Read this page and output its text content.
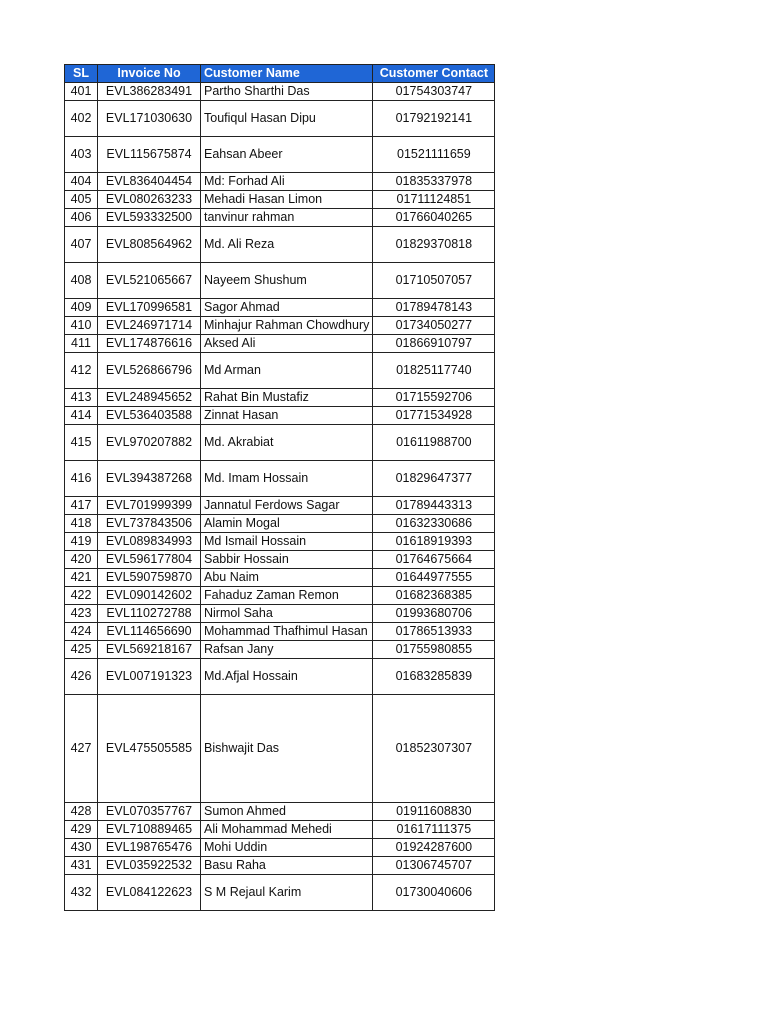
SL	Invoice No	Customer Name	Customer Contact
401	EVL386283491	Partho Sharthi Das	01754303747
402	EVL171030630	Toufiqul Hasan Dipu	01792192141
403	EVL115675874	Eahsan Abeer	01521111659
404	EVL836404454	Md: Forhad Ali	01835337978
405	EVL080263233	Mehadi Hasan Limon	01711124851
406	EVL593332500	tanvinur rahman	01766040265
407	EVL808564962	Md. Ali Reza	01829370818
408	EVL521065667	Nayeem Shushum	01710507057
409	EVL170996581	Sagor Ahmad	01789478143
410	EVL246971714	Minhajur Rahman Chowdhury	01734050277
411	EVL174876616	Aksed Ali	01866910797
412	EVL526866796	Md Arman	01825117740
413	EVL248945652	Rahat Bin Mustafiz	01715592706
414	EVL536403588	Zinnat Hasan	01771534928
415	EVL970207882	Md. Akrabiat	01611988700
416	EVL394387268	Md. Imam Hossain	01829647377
417	EVL701999399	Jannatul Ferdows Sagar	01789443313
418	EVL737843506	Alamin Mogal	01632330686
419	EVL089834993	Md Ismail Hossain	01618919393
420	EVL596177804	Sabbir Hossain	01764675664
421	EVL590759870	Abu Naim	01644977555
422	EVL090142602	Fahaduz Zaman Remon	01682368385
423	EVL110272788	Nirmol Saha	01993680706
424	EVL114656690	Mohammad Thafhimul Hasan	01786513933
425	EVL569218167	Rafsan Jany	01755980855
426	EVL007191323	Md.Afjal Hossain	01683285839
427	EVL475505585	Bishwajit Das	01852307307
428	EVL070357767	Sumon Ahmed	01911608830
429	EVL710889465	Ali Mohammad Mehedi	01617111375
430	EVL198765476	Mohi Uddin	01924287600
431	EVL035922532	Basu Raha	01306745707
432	EVL084122623	S M Rejaul Karim	01730040606
